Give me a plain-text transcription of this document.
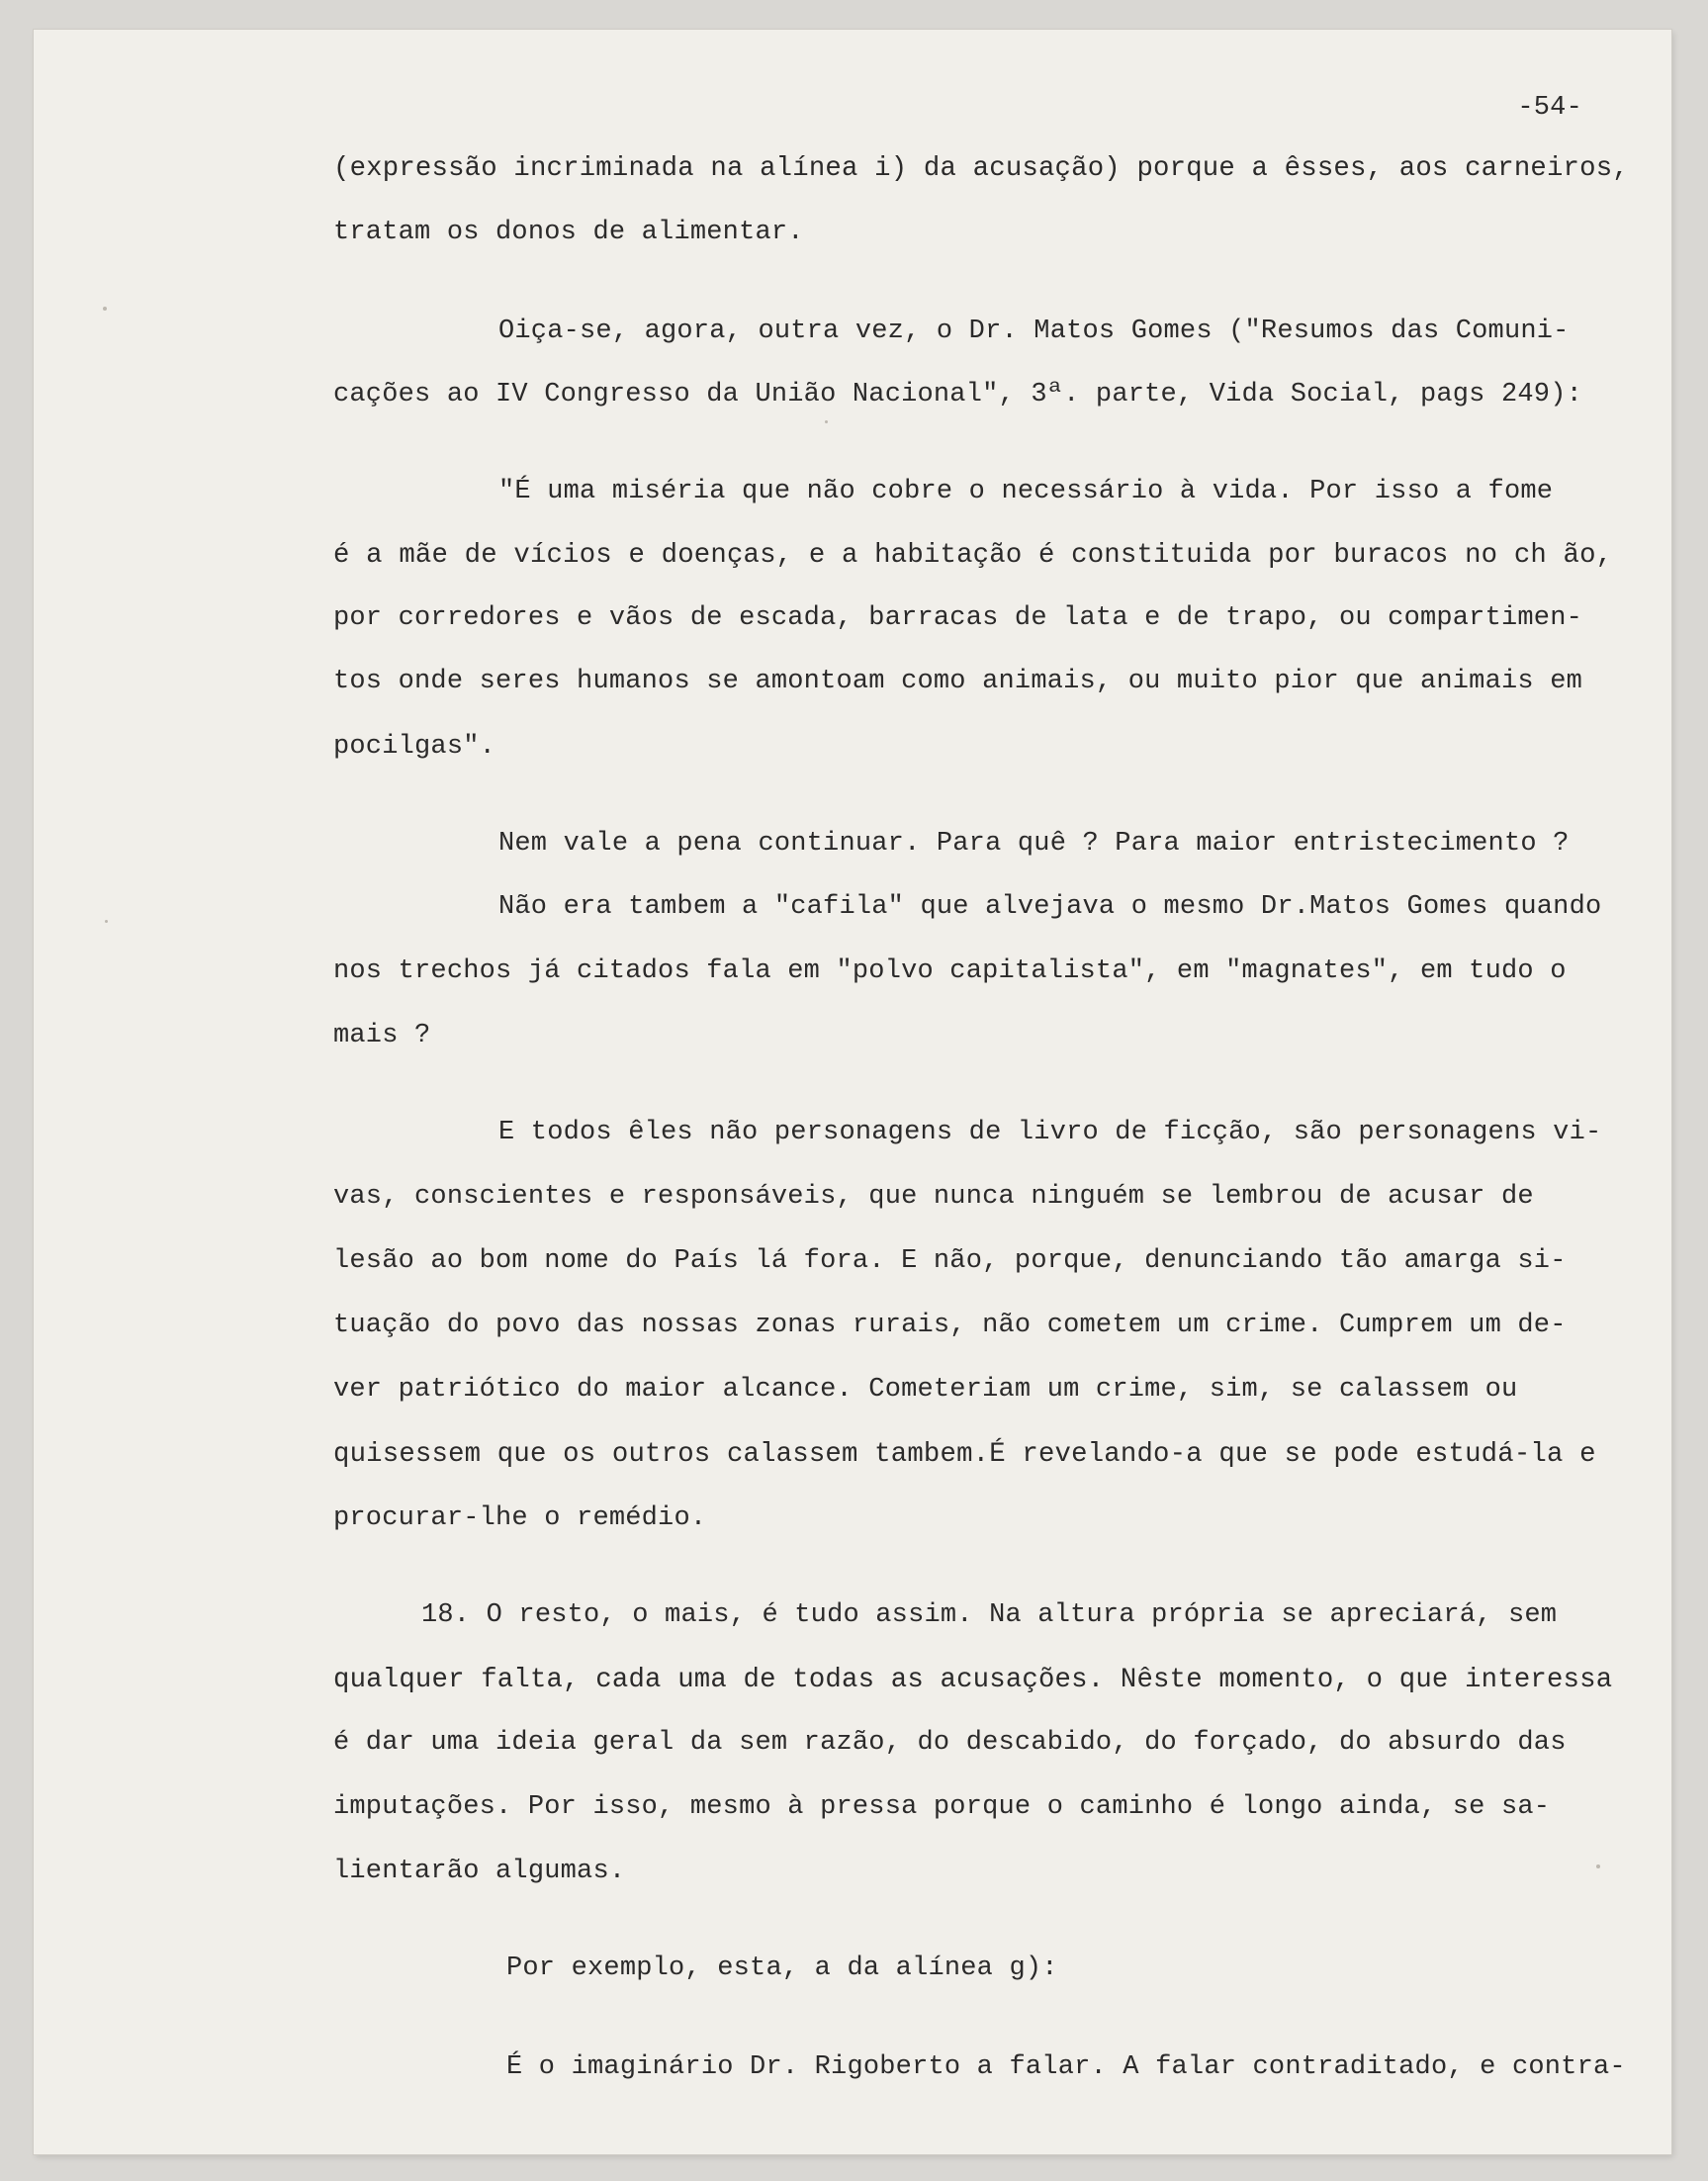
-54-
(expressão incriminada na alínea i) da acusação) porque a êsses, aos carneiros,
tratam os donos de alimentar.
Oiça-se, agora, outra vez, o Dr. Matos Gomes ("Resumos das Comuni-
cações ao IV Congresso da União Nacional", 3ª. parte, Vida Social, pags 249):
"É uma miséria que não cobre o necessário à vida. Por isso a fome
é a mãe de vícios e doenças, e a habitação é constituida por buracos no ch ão,
por corredores e vãos de escada, barracas de lata e de trapo, ou compartimen-
tos onde seres humanos se amontoam como animais, ou muito pior que animais em
pocilgas".
Nem vale a pena continuar. Para quê ? Para maior entristecimento ?
Não era tambem a "cafila" que alvejava o mesmo Dr.Matos Gomes quando
nos trechos já citados fala em "polvo capitalista", em "magnates", em tudo o
mais ?
E todos êles não personagens de livro de ficção, são personagens vi-
vas, conscientes e responsáveis, que nunca ninguém se lembrou de acusar de
lesão ao bom nome do País lá fora. E não, porque, denunciando tão amarga si-
tuação do povo das nossas zonas rurais, não cometem um crime. Cumprem um de-
ver patriótico do maior alcance. Cometeriam um crime, sim, se calassem ou
quisessem que os outros calassem tambem.É revelando-a que se pode estudá-la e
procurar-lhe o remédio.
18. O resto, o mais, é tudo assim. Na altura própria se apreciará, sem
qualquer falta, cada uma de todas as acusações. Nêste momento, o que interessa
é dar uma ideia geral da sem razão, do descabido, do forçado, do absurdo das
imputações. Por isso, mesmo à pressa porque o caminho é longo ainda, se sa-
lientarão algumas.
Por exemplo, esta, a da alínea g):
É o imaginário Dr. Rigoberto a falar. A falar contraditado, e contra-
